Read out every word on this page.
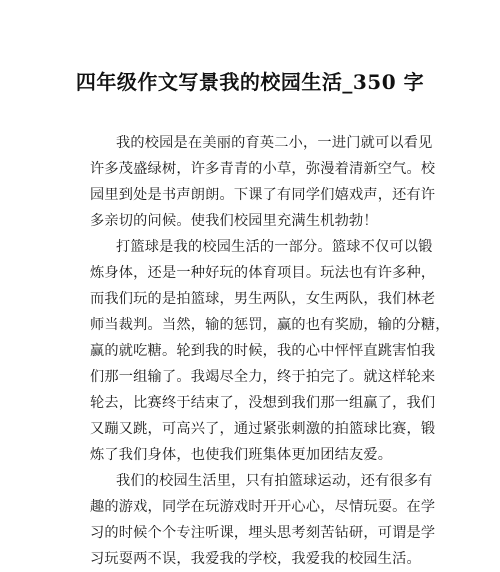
四年级作文写景我的校园生活_350 字
我的校园是在美丽的育英二小，一进门就可以看见
许多茂盛绿树，许多青青的小草，弥漫着清新空气。校
园里到处是书声朗朗。下课了有同学们嬉戏声，还有许
多亲切的问候。使我们校园里充满生机勃勃！
打篮球是我的校园生活的一部分。篮球不仅可以锻
炼身体，还是一种好玩的体育项目。玩法也有许多种，
而我们玩的是拍篮球，男生两队，女生两队，我们林老
师当裁判。当然，输的惩罚，赢的也有奖励，输的分糖，
赢的就吃糖。轮到我的时候，我的心中怦怦直跳害怕我
们那一组输了。我竭尽全力，终于拍完了。就这样轮来
轮去，比赛终于结束了，没想到我们那一组赢了，我们
又蹦又跳，可高兴了，通过紧张刺激的拍篮球比赛，锻
炼了我们身体，也使我们班集体更加团结友爱。
我们的校园生活里，只有拍篮球运动，还有很多有
趣的游戏，同学在玩游戏时开开心心，尽情玩耍。在学
习的时候个个专注听课，埋头思考刻苦钻研，可谓是学
习玩耍两不误，我爱我的学校，我爱我的校园生活。
